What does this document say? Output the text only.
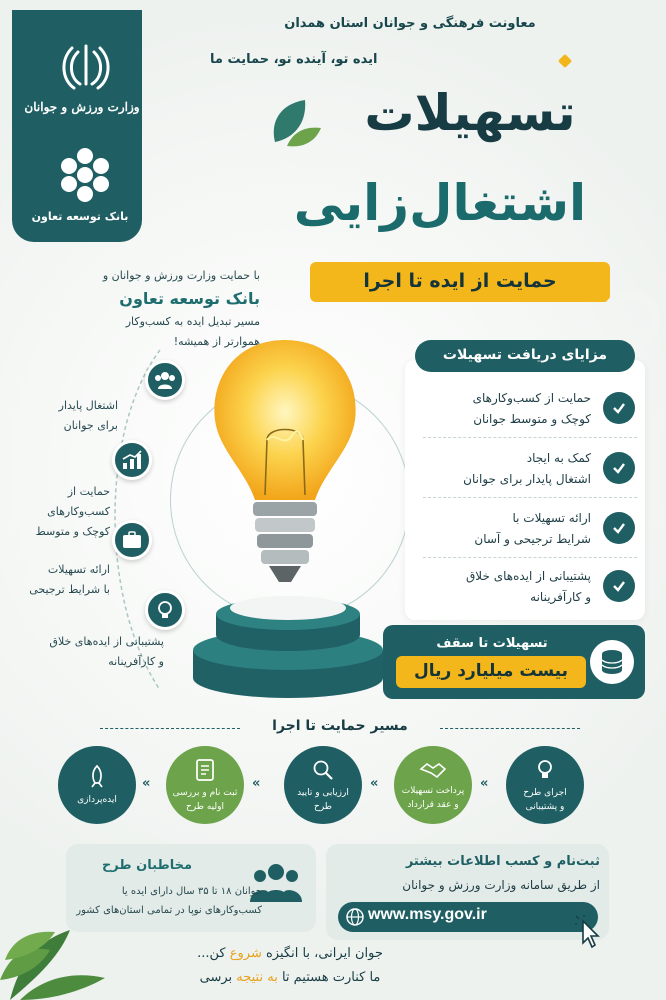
وزارت ورزش و جوانان
بانک توسعه تعاون
معاونت فرهنگی و جوانان استان همدان
ایده تو، آینده تو، حمایت ما
تسهیلات
اشتغال‌زایی
حمایت از ایده تا اجرا
با حمایت وزارت ورزش و جوانان و
بانک توسعه تعاون
مسیر تبدیل ایده به کسب‌وکار
هموارتر از همیشه!
اشتغال پایدار
برای جوانان
حمایت از کسب‌وکارهای
کوچک و متوسط
ارائه تسهیلات
با شرایط ترجیحی
پشتیبانی از ایده‌های خلاق
و کارآفرینانه
حمایت از کسب‌وکارهای
کوچک و متوسط جوانان
کمک به ایجاد
اشتغال پایدار برای جوانان
ارائه تسهیلات با
شرایط ترجیحی و آسان
پشتیبانی از ایده‌های خلاق
و کارآفرینانه
مزایای دریافت تسهیلات
تسهیلات تا سقف
بیست میلیارد ریال
مسیر حمایت تا اجرا
ایده‌پردازی
»
ثبت نام و بررسی
اولیه طرح
»
ارزیابی و تایید
طرح
»	پرداخت تسهیلات
و عقد قرارداد
»
اجرای طرح
و پشتیبانی
مخاطبان طرح
جوانان ۱۸ تا ۳۵ سال دارای ایده یا
کسب‌وکارهای نوپا در تمامی استان‌های کشور
ثبت‌نام و کسب اطلاعات بیشتر
از طریق سامانه وزارت ورزش و جوانان
www.msy.gov.ir
جوان ایرانی، با انگیزه شروع کن...
ما کنارت هستیم تا به نتیجه برسی
